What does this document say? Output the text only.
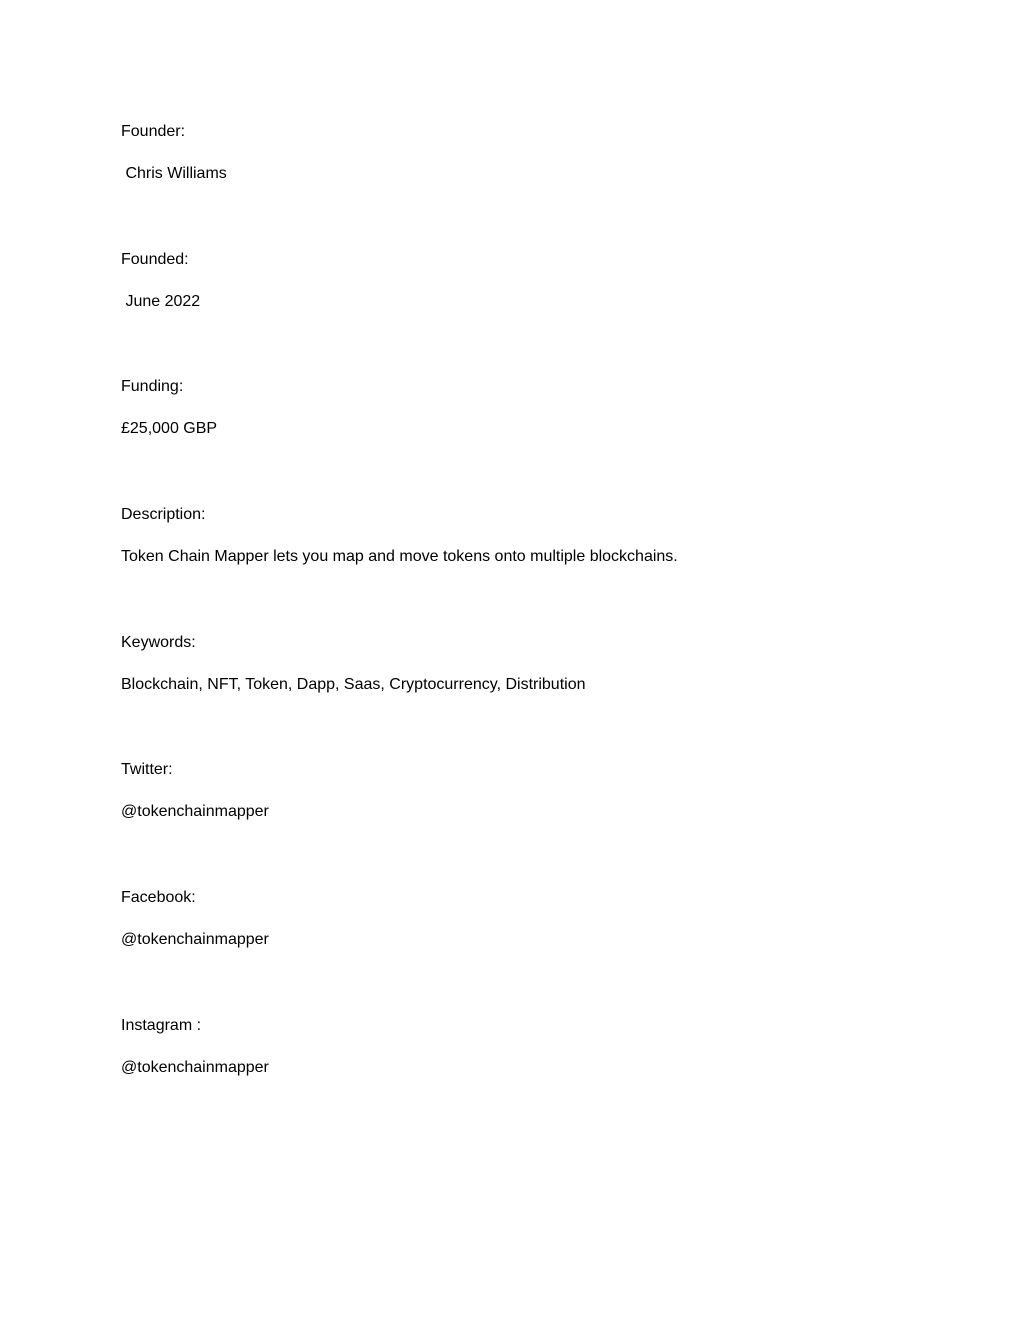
Founder:

Chris Williams

Founded:

June 2022

Funding:

£25,000 GBP

Description:

Token Chain Mapper lets you map and move tokens onto multiple blockchains.

Keywords:

Blockchain, NFT, Token, Dapp, Saas, Cryptocurrency, Distribution

Twitter:

@tokenchainmapper

Facebook:

@tokenchainmapper

Instagram :

@tokenchainmapper
